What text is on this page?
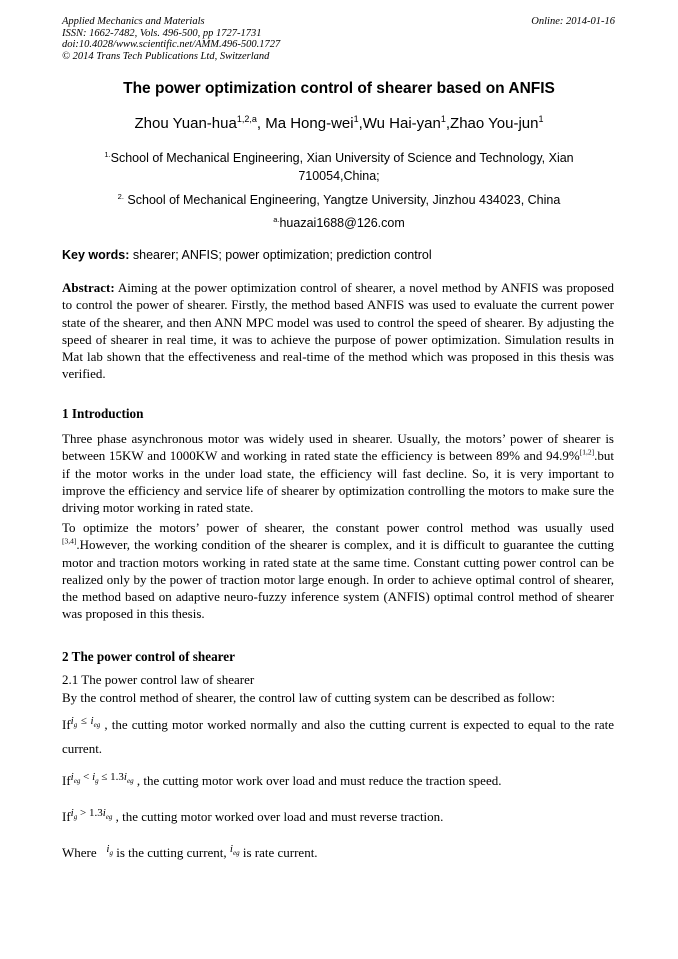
Applied Mechanics and Materials
ISSN: 1662-7482, Vols. 496-500, pp 1727-1731
doi:10.4028/www.scientific.net/AMM.496-500.1727
© 2014 Trans Tech Publications Ltd, Switzerland
Online: 2014-01-16
The power optimization control of shearer based on ANFIS
Zhou Yuan-hua$^{1,2,a}$, Ma Hong-wei$^1$,Wu Hai-yan$^1$,Zhao You-jun$^1$
$^{1.}$School of Mechanical Engineering, Xian University of Science and Technology, Xian 710054,China;
$^{2.}$ School of Mechanical Engineering, Yangtze University, Jinzhou 434023, China
$^{a.}$huazai1688@126.com
Key words: shearer; ANFIS; power optimization; prediction control
Abstract: Aiming at the power optimization control of shearer, a novel method by ANFIS was proposed to control the power of shearer. Firstly, the method based ANFIS was used to evaluate the current power state of the shearer, and then ANN MPC model was used to control the speed of shearer. By adjusting the speed of shearer in real time, it was to achieve the purpose of power optimization. Simulation results in Mat lab shown that the effectiveness and real-time of the method which was proposed in this thesis was verified.
1 Introduction
Three phase asynchronous motor was widely used in shearer. Usually, the motors’ power of shearer is between 15KW and 1000KW and working in rated state the efficiency is between 89% and 94.9%[1,2].but if the motor works in the under load state, the efficiency will fast decline. So, it is very important to improve the efficiency and service life of shearer by optimization controlling the motors to make sure the driving motor working in rated state.
To optimize the motors’ power of shearer, the constant power control method was usually used [3,4].However, the working condition of the shearer is complex, and it is difficult to guarantee the cutting motor and traction motors working in rated state at the same time. Constant cutting power control can be realized only by the power of traction motor large enough. In order to achieve optimal control of shearer, the method based on adaptive neuro-fuzzy inference system (ANFIS) optimal control method of shearer was proposed in this thesis.
2 The power control of shearer
2.1 The power control law of shearer
By the control method of shearer, the control law of cutting system can be described as follow:
$If^{i_g \le i_{eg}}$ , the cutting motor worked normally and also the cutting current is expected to equal to the rate current.
$If^{i_{eg} < i_g \le 1.3i_{eg}}$ , the cutting motor work over load and must reduce the traction speed.
$If^{i_g > 1.3i_{eg}}$ , the cutting motor worked over load and must reverse traction.
Where $^{i_g}$ is the cutting current, $^{i_{eg}}$ is rate current.
